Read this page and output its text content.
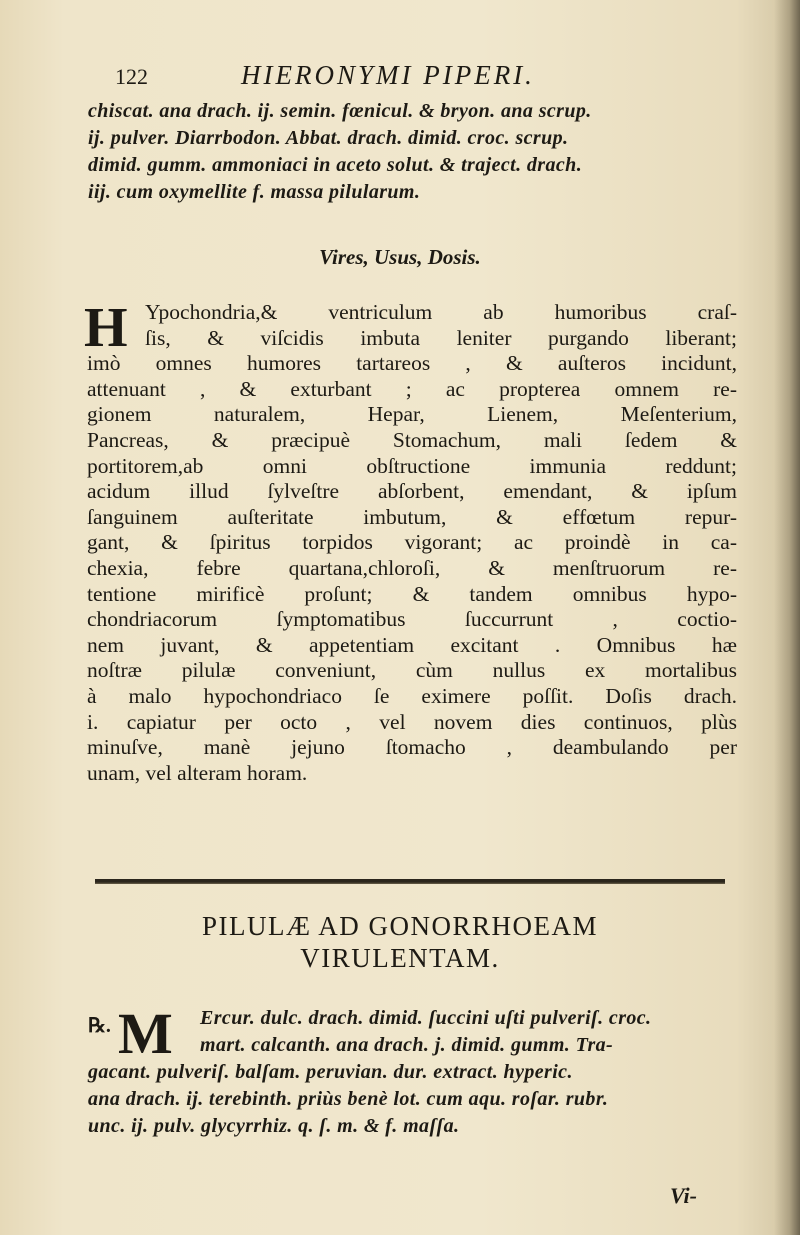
122	HIERONYMI PIPERI.
chiscat. ana drach. ij. semin. fœnicul. & bryon. ana scrup.
ij. pulver. Diarrbodon. Abbat. drach. dimid. croc. scrup.
dimid. gumm. ammoniaci in aceto solut. & traject. drach.
iij. cum oxymellite f. massa pilularum.
Vires, Usus, Dosis.
H Ypochondria,& ventriculum ab humoribus craſ-
ſis, & viſcidis imbuta leniter purgando liberant;
imò omnes humores tartareos , & auſteros incidunt,
attenuant , & exturbant ; ac propterea omnem re-
gionem naturalem, Hepar, Lienem, Meſenterium,
Pancreas, & præcipuè Stomachum, mali ſedem &
portitorem,ab omni obſtructione immunia reddunt;
acidum illud ſylveſtre abſorbent, emendant, & ipſum
ſanguinem auſteritate imbutum, & effœtum repur-
gant, & ſpiritus torpidos vigorant; ac proindè in ca-
chexia, febre quartana,chloroſi, & menſtruorum re-
tentione mirificè proſunt; & tandem omnibus hypo-
chondriacorum ſymptomatibus ſuccurrunt , coctio-
nem juvant, & appetentiam excitant . Omnibus hæ
noſtræ pilulæ conveniunt, cùm nullus ex mortalibus
à malo hypochondriaco ſe eximere poſſit. Doſis drach.
i. capiatur per octo , vel novem dies continuos, plùs
minuſve, manè jejuno ſtomacho , deambulando per
unam, vel alteram horam.
PILULÆ AD GONORRHOEAM
VIRULENTAM.
℞. M	Ercur. dulc. drach. dimid. ſuccini uſti pulveriſ. croc.
mart. calcanth. ana drach. j. dimid. gumm. Tra-
gacant. pulveriſ. balſam. peruvian. dur. extract. hyperic.
ana drach. ij. terebinth. priùs benè lot. cum aqu. roſar. rubr.
unc. ij. pulv. glycyrrhiz. q. ſ. m. & f. maſſa.
Vi-
